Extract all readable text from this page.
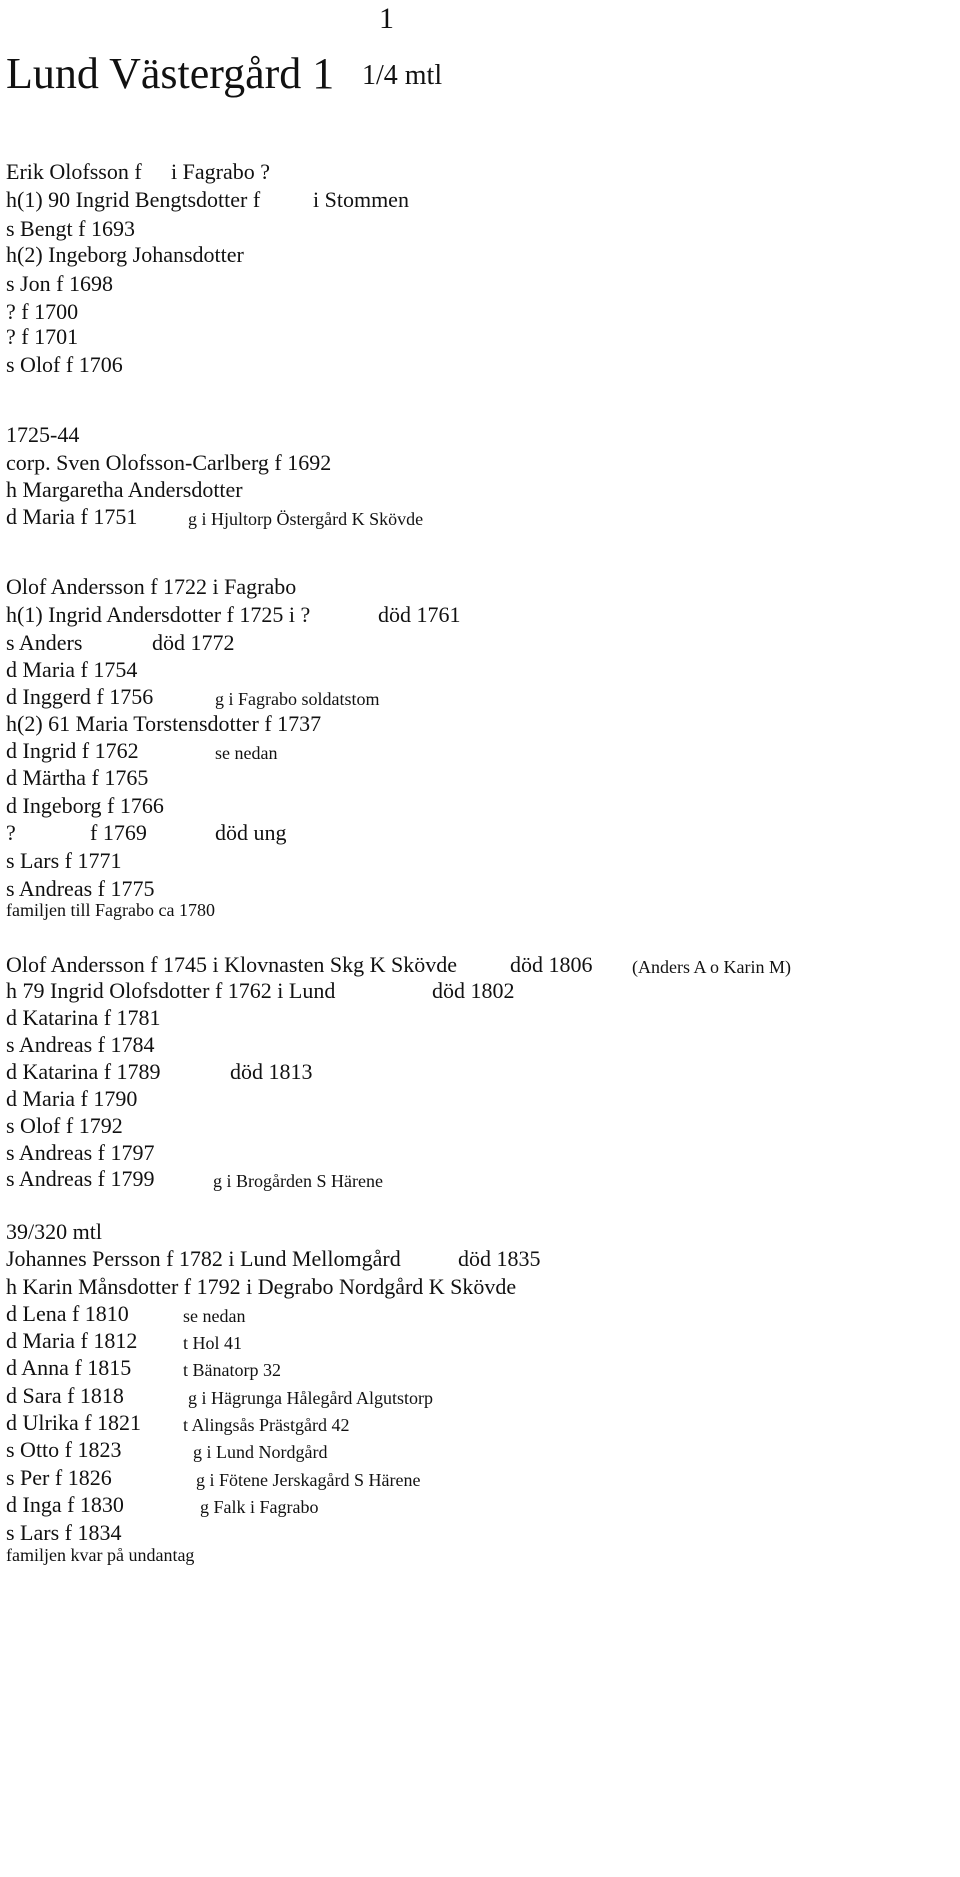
1
Lund Västergård 1 1/4 mtl
Erik Olofsson f i Fagrabo ?
h(1) 90 Ingrid Bengtsdotter f i Stommen
s Bengt f 1693
h(2) Ingeborg Johansdotter
s Jon f 1698
? f 1700
? f 1701
s Olof f 1706
1725-44
corp. Sven Olofsson-Carlberg f 1692
h Margaretha Andersdotter
d Maria f 1751	g i Hjultorp Östergård K Skövde
Olof Andersson f 1722 i Fagrabo
h(1) Ingrid Andersdotter f 1725 i ?	död 1761
s Anders	död 1772
d Maria f 1754
d Inggerd f 1756	g i Fagrabo soldatstom
h(2) 61 Maria Torstensdotter f 1737
d Ingrid f 1762	se nedan
d Märtha f 1765
d Ingeborg f 1766
?	f 1769	död ung
s Lars f 1771
s Andreas f 1775
familjen till Fagrabo ca 1780
Olof Andersson f 1745 i Klovnasten Skg K Skövde död 1806 (Anders A o Karin M)
h 79 Ingrid Olofsdotter f 1762 i Lund	död 1802
d Katarina f 1781
s Andreas f 1784
d Katarina f 1789	död 1813
d Maria f 1790
s Olof f 1792
s Andreas f 1797
s Andreas f 1799	g i Brogården S Härene
39/320 mtl
Johannes Persson f 1782 i Lund Mellomgård	död 1835
h Karin Månsdotter f 1792 i Degrabo Nordgård K Skövde
d Lena f 1810	se nedan
d Maria f 1812	t Hol 41
d Anna f 1815	t Bänatorp 32
d Sara f 1818	g i Hägrunga Hålegård Algutstorp
d Ulrika f 1821 t Alingsås Prästgård 42
s Otto f 1823	g i Lund Nordgård
s Per f 1826	g i Fötene Jerskagård S Härene
d Inga f 1830	g Falk i Fagrabo
s Lars f 1834
familjen kvar på undantag
